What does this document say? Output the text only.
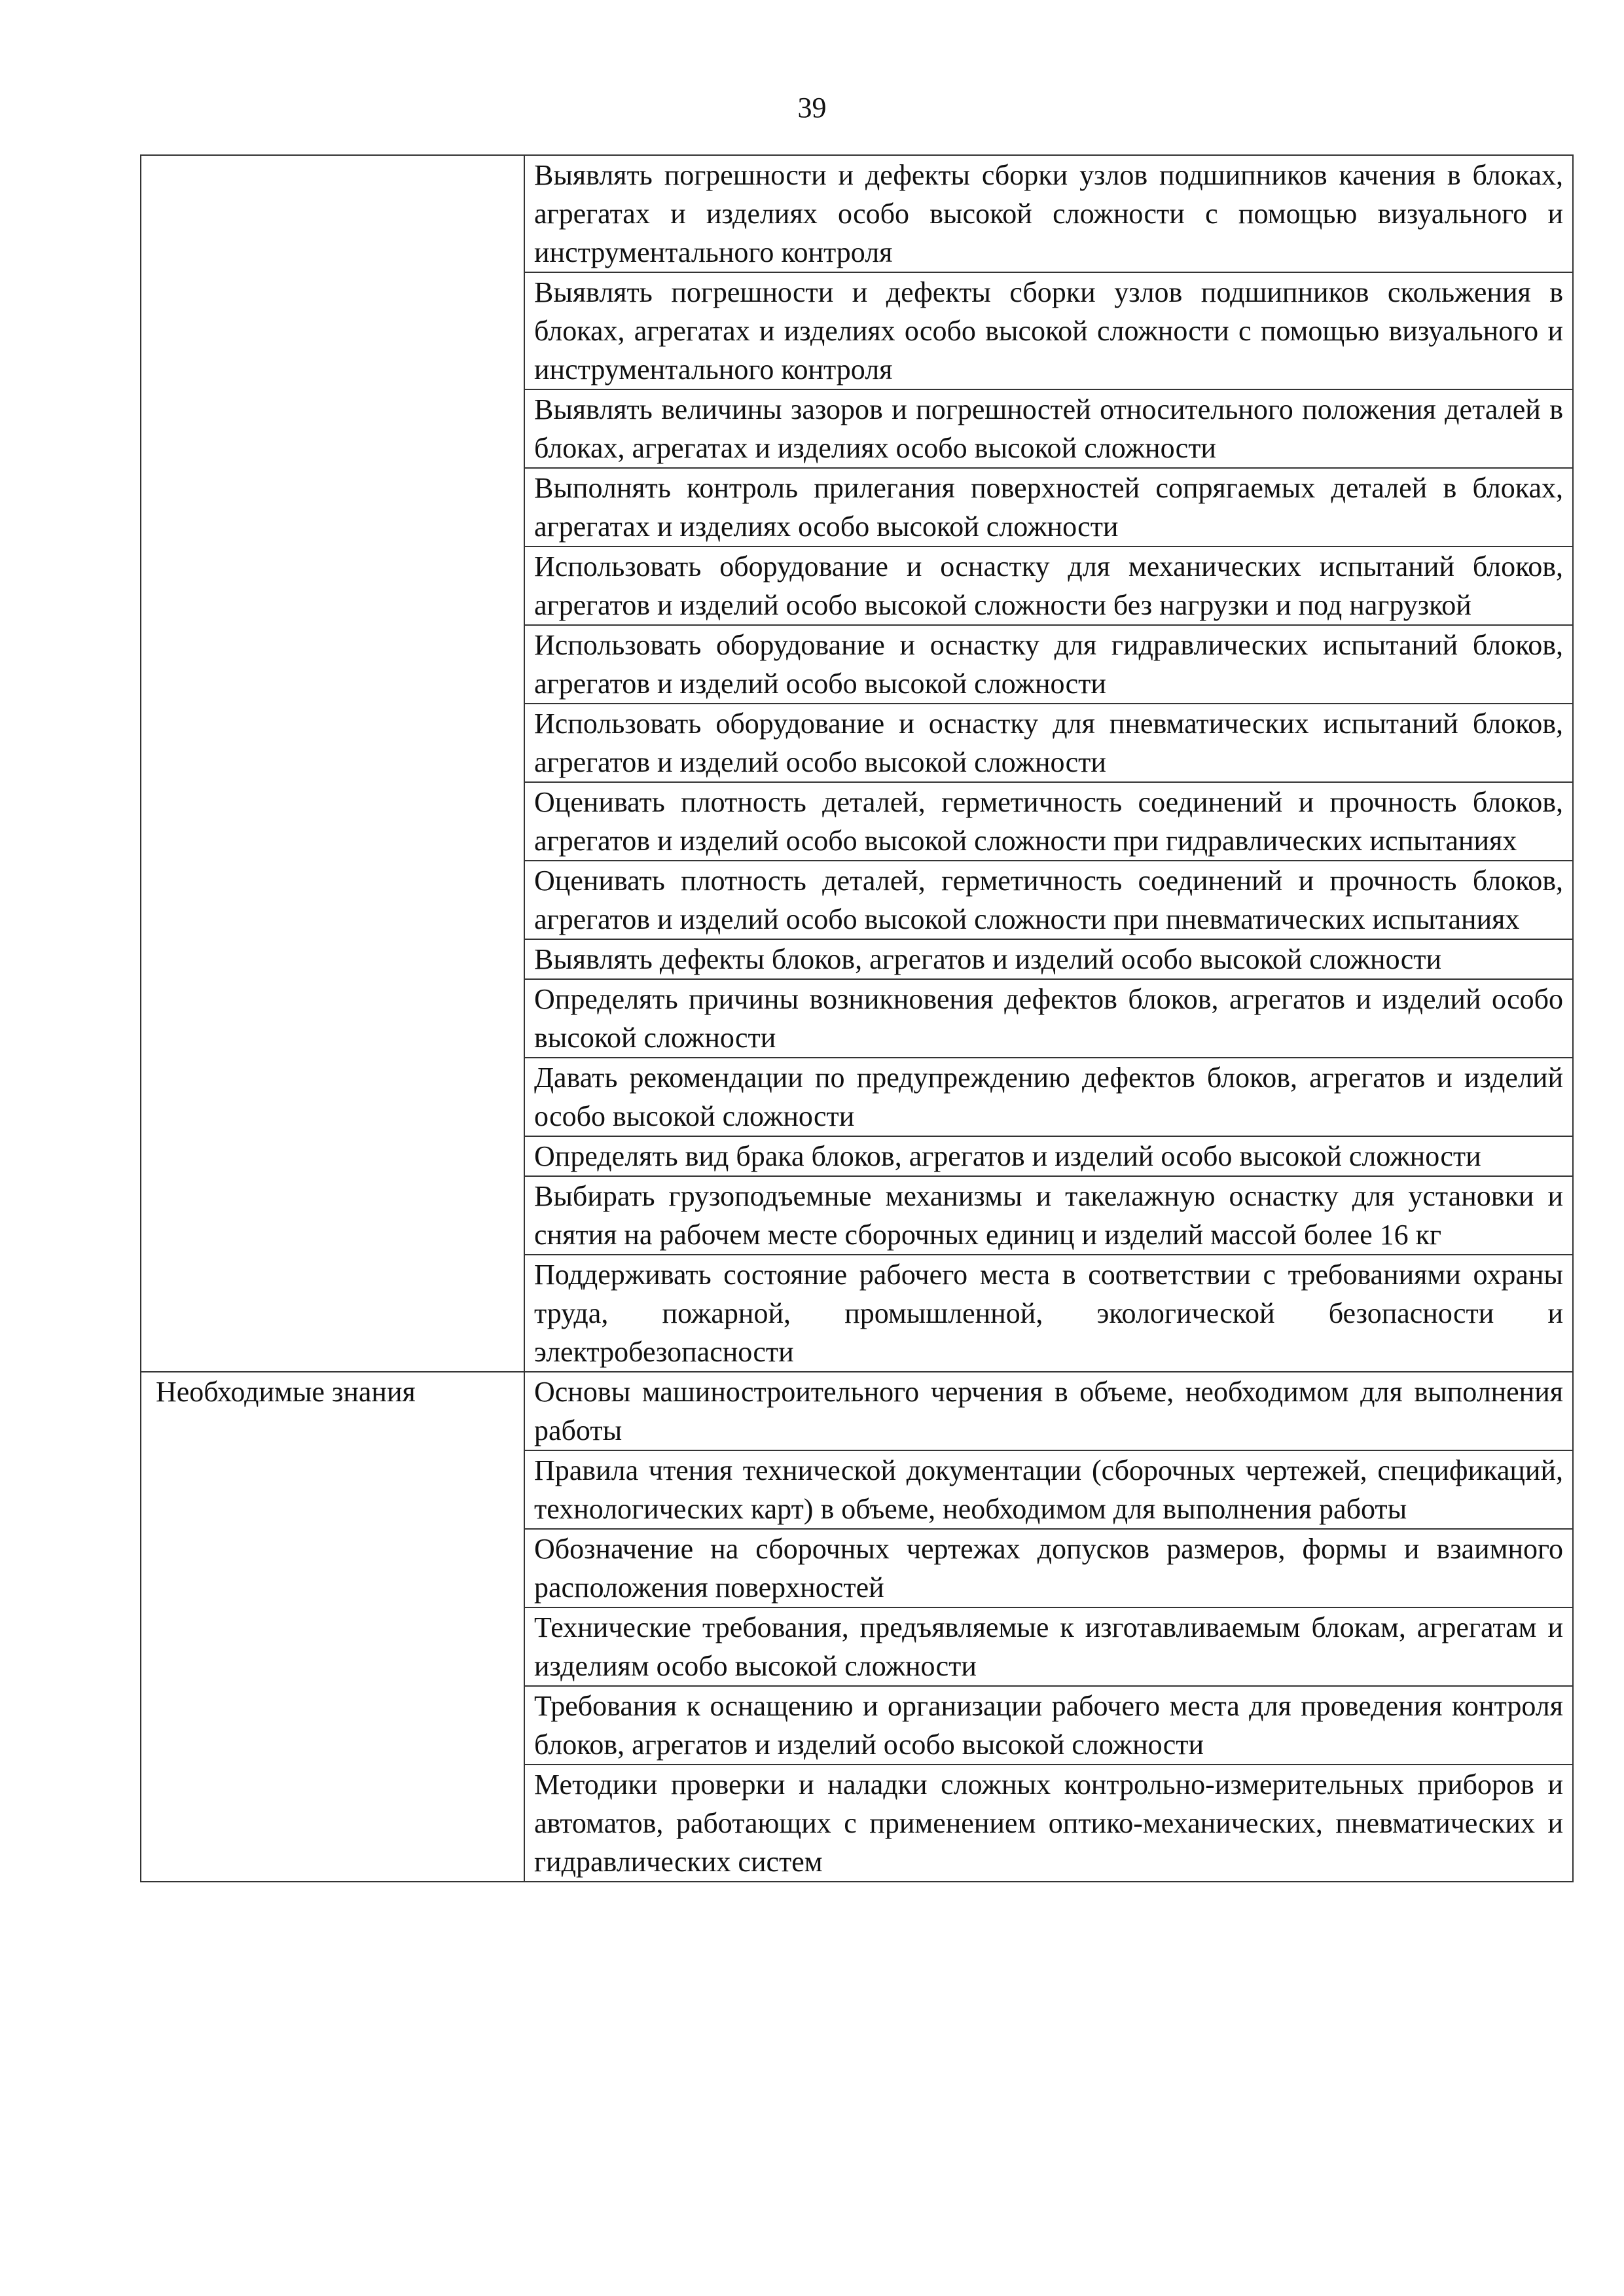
39
	Выявлять погрешности и дефекты сборки узлов подшипников качения в блоках, агрегатах и изделиях особо высокой сложности с помощью визуального и инструментального контроля
	Выявлять погрешности и дефекты сборки узлов подшипников скольжения в блоках, агрегатах и изделиях особо высокой сложности с помощью визуального и инструментального контроля
	Выявлять величины зазоров и погрешностей относительного положения деталей в блоках, агрегатах и изделиях особо высокой сложности
	Выполнять контроль прилегания поверхностей сопрягаемых деталей в блоках, агрегатах и изделиях особо высокой сложности
	Использовать оборудование и оснастку для механических испытаний блоков, агрегатов и изделий особо высокой сложности без нагрузки и под нагрузкой
	Использовать оборудование и оснастку для гидравлических испытаний блоков, агрегатов и изделий особо высокой сложности
	Использовать оборудование и оснастку для пневматических испытаний блоков, агрегатов и изделий особо высокой сложности
	Оценивать плотность деталей, герметичность соединений и прочность блоков, агрегатов и изделий особо высокой сложности при гидравлических испытаниях
	Оценивать плотность деталей, герметичность соединений и прочность блоков, агрегатов и изделий особо высокой сложности при пневматических испытаниях
	Выявлять дефекты блоков, агрегатов и изделий особо высокой сложности
	Определять причины возникновения дефектов блоков, агрегатов и изделий особо высокой сложности
	Давать рекомендации по предупреждению дефектов блоков, агрегатов и изделий особо высокой сложности
	Определять вид брака блоков, агрегатов и изделий особо высокой сложности
	Выбирать грузоподъемные механизмы и такелажную оснастку для установки и снятия на рабочем месте сборочных единиц и изделий массой более 16 кг
	Поддерживать состояние рабочего места в соответствии с требованиями охраны труда, пожарной, промышленной, экологической безопасности и электробезопасности
Необходимые знания	Основы машиностроительного черчения в объеме, необходимом для выполнения работы
	Правила чтения технической документации (сборочных чертежей, спецификаций, технологических карт) в объеме, необходимом для выполнения работы
	Обозначение на сборочных чертежах допусков размеров, формы и взаимного расположения поверхностей
	Технические требования, предъявляемые к изготавливаемым блокам, агрегатам и изделиям особо высокой сложности
	Требования к оснащению и организации рабочего места для проведения контроля блоков, агрегатов и изделий особо высокой сложности
	Методики проверки и наладки сложных контрольно-измерительных приборов и автоматов, работающих с применением оптико-механических, пневматических и гидравлических систем
